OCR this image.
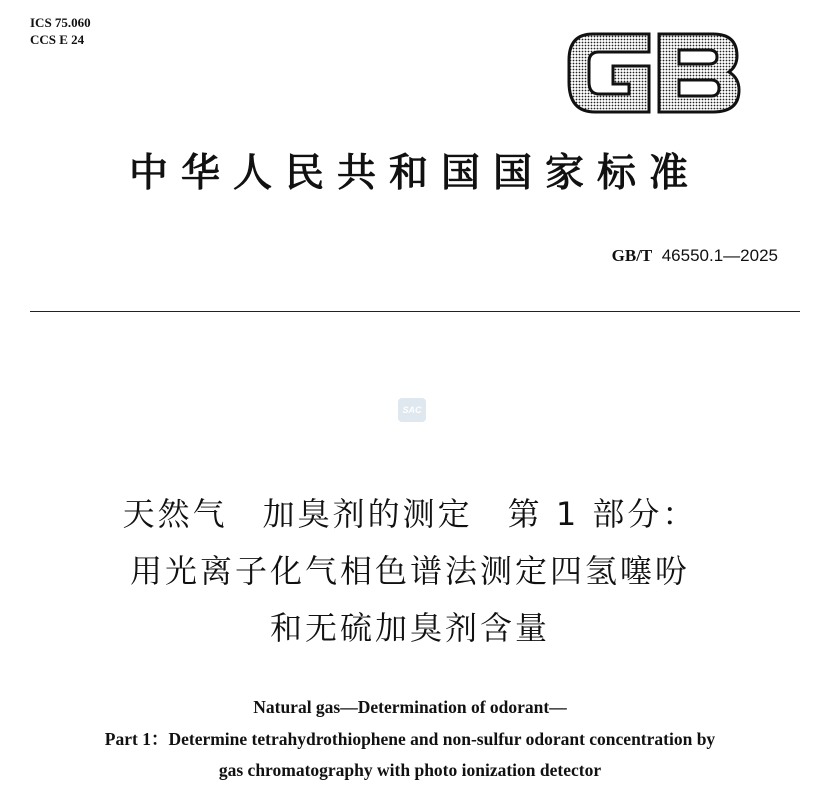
ICS 75.060
CCS E 24
中华人民共和国国家标准
GB/T 46550.1—2025
SAC
天然气　加臭剂的测定　第 1 部分：
用光离子化气相色谱法测定四氢噻吩
和无硫加臭剂含量
Natural gas—Determination of odorant—
Part 1：Determine tetrahydrothiophene and non-sulfur odorant concentration by
gas chromatography with photo ionization detector
